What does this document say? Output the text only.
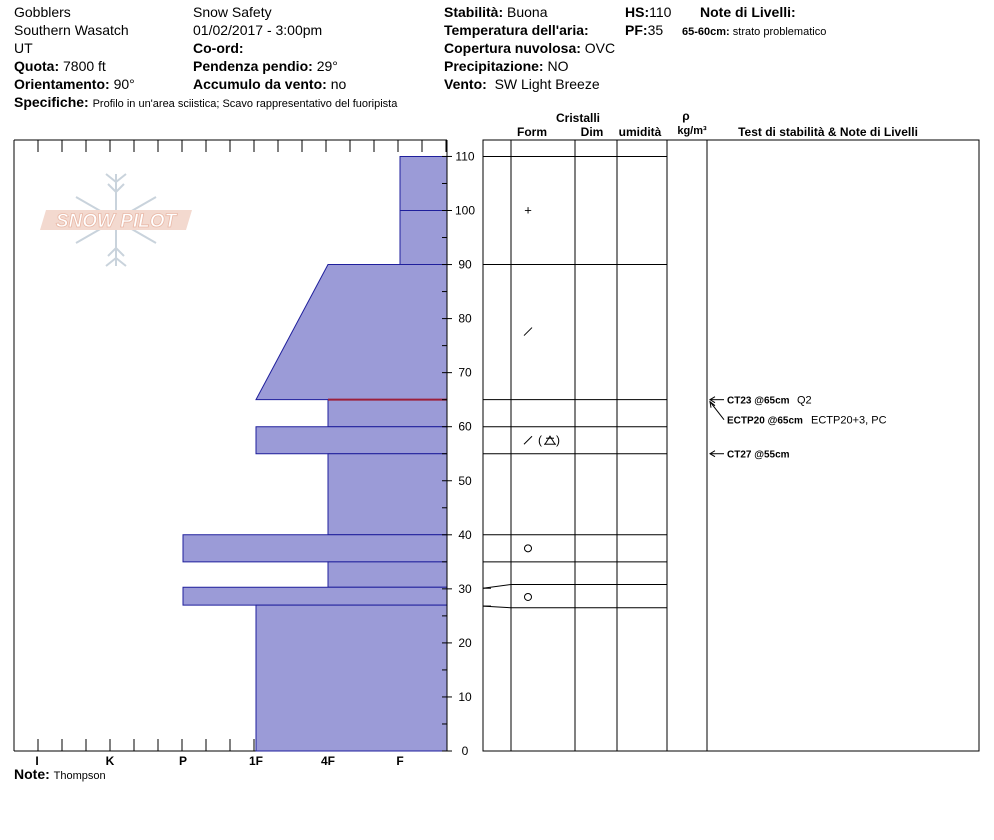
Gobblers
Southern Wasatch
UT
Quota: 7800 ft
Orientamento: 90°
Specifiche: Profilo in un'area sciistica; Scavo rappresentativo del fuoripista
Snow Safety
01/02/2017 - 3:00pm
Co-ord:
Pendenza pendio: 29°
Accumulo da vento: no
Stabilità: Buona
Temperatura dell'aria:
Copertura nuvolosa: OVC
Precipitazione: NO
Vento: SW Light Breeze
HS:110
PF:35
Note di Livelli:
65-60cm: strato problematico
Note: Thompson
SNOW PILOT
I	K	P	1F	4F	F
0
10
20
30
40
50
60
70
80
90
100
110
+
( )
CT23 @65cm Q2
ECTP20 @65cm ECTP20+3, PC
CT27 @55cm
Cristalli
Form	Dim umidità
ρ
kg/m³	Test di stabilità & Note di Livelli
